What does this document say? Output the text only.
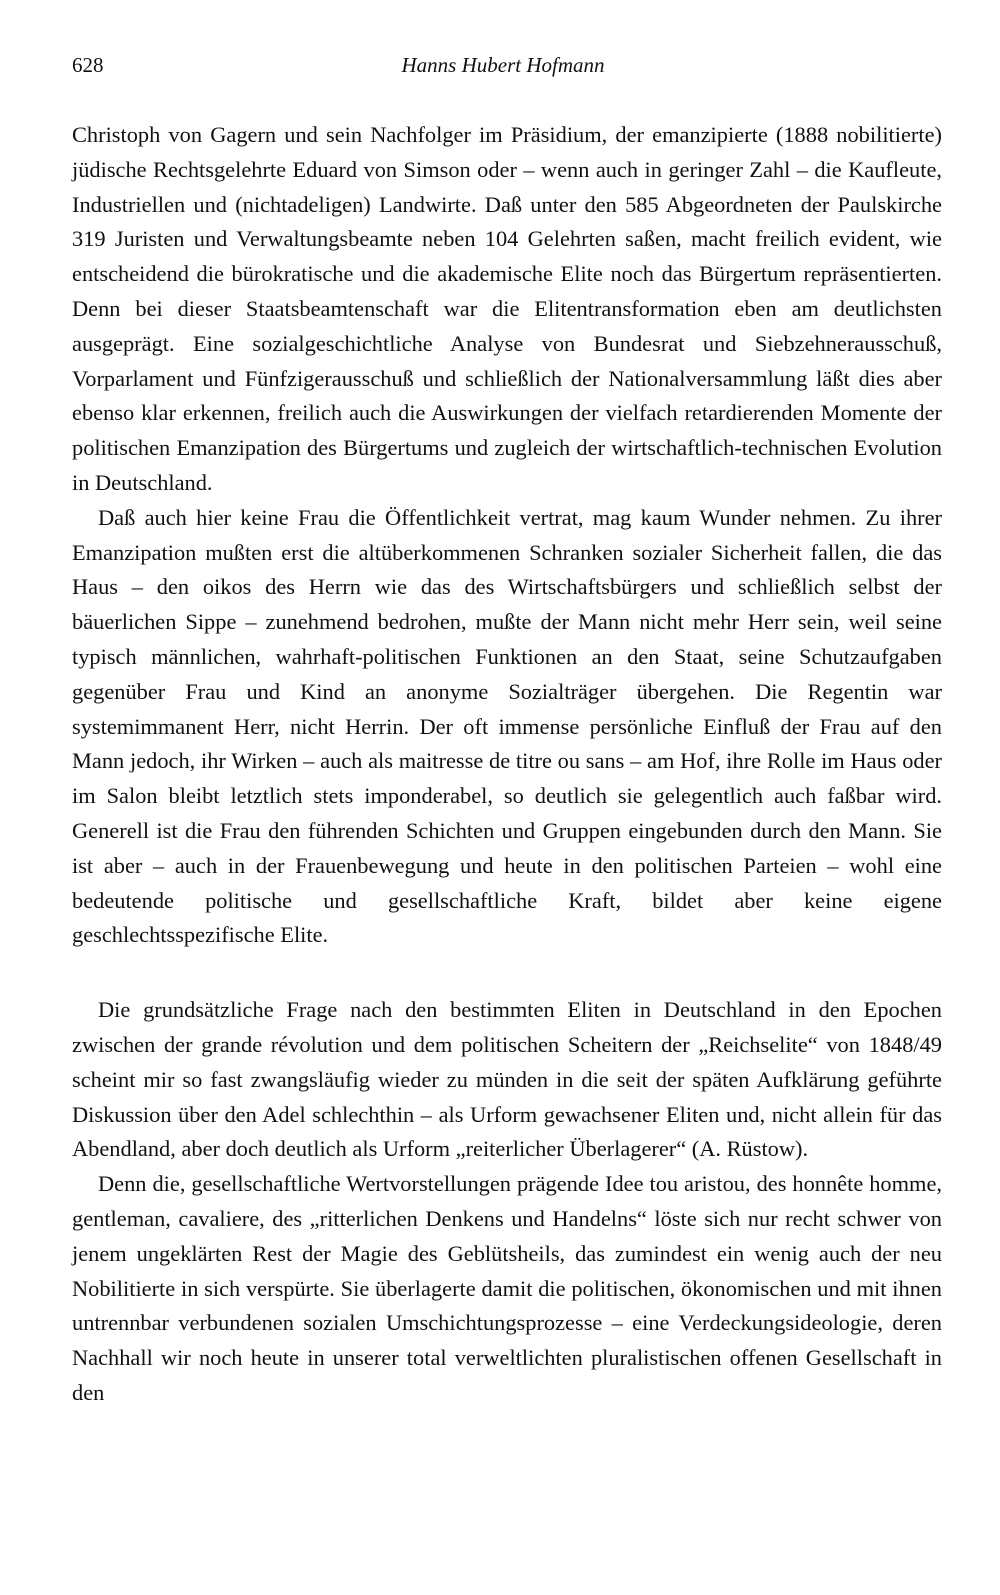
628	Hanns Hubert Hofmann

Christoph von Gagern und sein Nachfolger im Präsidium, der emanzipierte (1888 nobilitierte) jüdische Rechtsgelehrte Eduard von Simson oder – wenn auch in geringer Zahl – die Kaufleute, Industriellen und (nichtadeligen) Landwirte. Daß unter den 585 Abgeordneten der Paulskirche 319 Juristen und Verwaltungsbeamte neben 104 Gelehrten saßen, macht freilich evident, wie entscheidend die bürokratische und die akademische Elite noch das Bürgertum repräsentierten. Denn bei dieser Staatsbeamtenschaft war die Elitentransformation eben am deutlichsten ausgeprägt. Eine sozialgeschichtliche Analyse von Bundesrat und Siebzehnerausschuß, Vorparlament und Fünfzigerausschuß und schließlich der Nationalversammlung läßt dies aber ebenso klar erkennen, freilich auch die Auswirkungen der vielfach retardierenden Momente der politischen Emanzipation des Bürgertums und zugleich der wirtschaftlich-technischen Evolution in Deutschland.

Daß auch hier keine Frau die Öffentlichkeit vertrat, mag kaum Wunder nehmen. Zu ihrer Emanzipation mußten erst die altüberkommenen Schranken sozialer Sicherheit fallen, die das Haus – den oikos des Herrn wie das des Wirtschaftsbürgers und schließlich selbst der bäuerlichen Sippe – zunehmend bedrohen, mußte der Mann nicht mehr Herr sein, weil seine typisch männlichen, wahrhaft-politischen Funktionen an den Staat, seine Schutzaufgaben gegenüber Frau und Kind an anonyme Sozialträger übergehen. Die Regentin war systemimmanent Herr, nicht Herrin. Der oft immense persönliche Einfluß der Frau auf den Mann jedoch, ihr Wirken – auch als maitresse de titre ou sans – am Hof, ihre Rolle im Haus oder im Salon bleibt letztlich stets imponderabel, so deutlich sie gelegentlich auch faßbar wird. Generell ist die Frau den führenden Schichten und Gruppen eingebunden durch den Mann. Sie ist aber – auch in der Frauenbewegung und heute in den politischen Parteien – wohl eine bedeutende politische und gesellschaftliche Kraft, bildet aber keine eigene geschlechtsspezifische Elite.

Die grundsätzliche Frage nach den bestimmten Eliten in Deutschland in den Epochen zwischen der grande révolution und dem politischen Scheitern der „Reichselite“ von 1848/49 scheint mir so fast zwangsläufig wieder zu münden in die seit der späten Aufklärung geführte Diskussion über den Adel schlechthin – als Urform gewachsener Eliten und, nicht allein für das Abendland, aber doch deutlich als Urform „reiterlicher Überlagerer“ (A. Rüstow).

Denn die, gesellschaftliche Wertvorstellungen prägende Idee tou aristou, des honnête homme, gentleman, cavaliere, des „ritterlichen Denkens und Handelns“ löste sich nur recht schwer von jenem ungeklärten Rest der Magie des Geblütsheils, das zumindest ein wenig auch der neu Nobilitierte in sich verspürte. Sie überlagerte damit die politischen, ökonomischen und mit ihnen untrennbar verbundenen sozialen Umschichtungsprozesse – eine Verdeckungsideologie, deren Nachhall wir noch heute in unserer total verweltlichten pluralistischen offenen Gesellschaft in den
